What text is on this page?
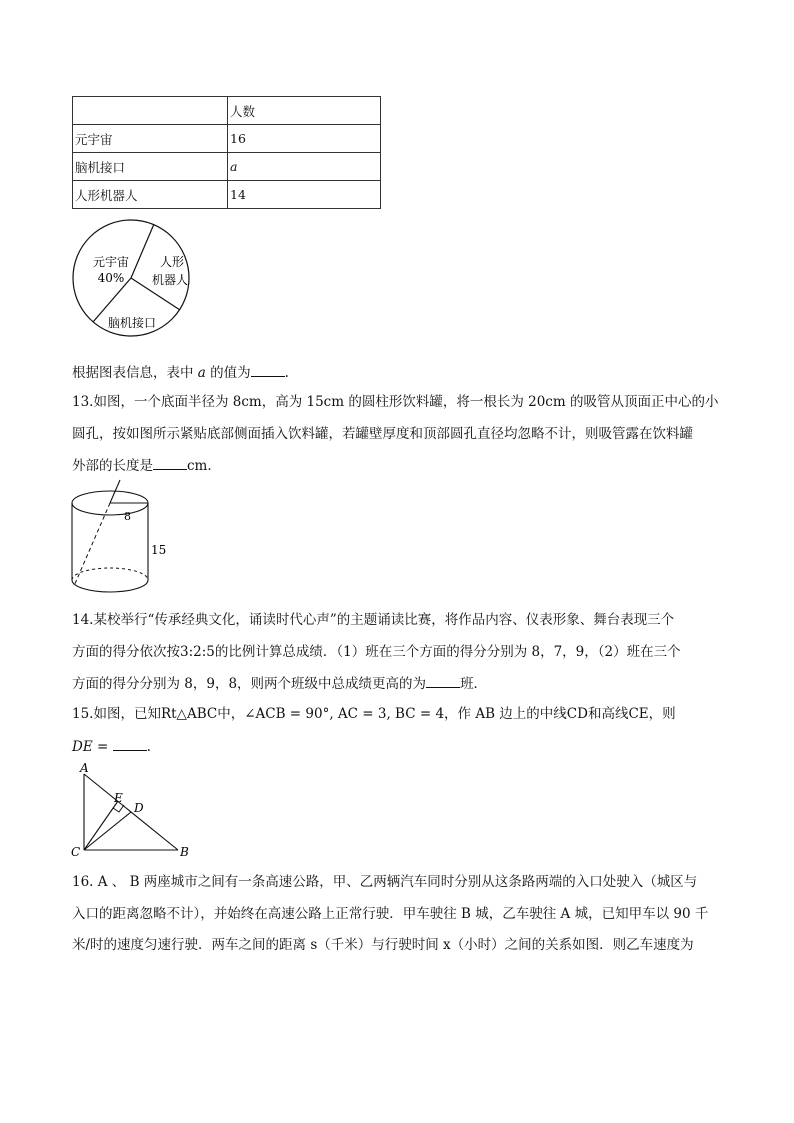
	人数
元宇宙	16
脑机接口	a
人形机器人	14
元宇宙
40%
人形
机器人
脑机接口
根据图表信息，表中 a 的值为	.
13.如图，一个底面半径为 8cm，高为 15cm 的圆柱形饮料罐，将一根长为 20cm 的吸管从顶面正中心的小
圆孔，按如图所示紧贴底部侧面插入饮料罐，若罐壁厚度和顶部圆孔直径均忽略不计，则吸管露在饮料罐
外部的长度是	cm．
8
15
14.某校举行“传承经典文化，诵读时代心声”的主题诵读比赛，将作品内容、仪表形象、舞台表现三个
方面的得分依次按3:2:5的比例计算总成绩．（1）班在三个方面的得分分别为 8，7，9，（2）班在三个
方面的得分分别为 8，9，8，则两个班级中总成绩更高的为	班．
15.如图，已知Rt△ABC中，∠ACB = 90°, AC = 3, BC = 4，作 AB 边上的中线CD和高线CE，则
DE =	.
A
B
C
D
E
16. A 、 B 两座城市之间有一条高速公路，甲、乙两辆汽车同时分别从这条路两端的入口处驶入（城区与
入口的距离忽略不计），并始终在高速公路上正常行驶．甲车驶往 B 城，乙车驶往 A 城，已知甲车以 90 千
米/时的速度匀速行驶．两车之间的距离 s（千米）与行驶时间 x（小时）之间的关系如图．则乙车速度为
